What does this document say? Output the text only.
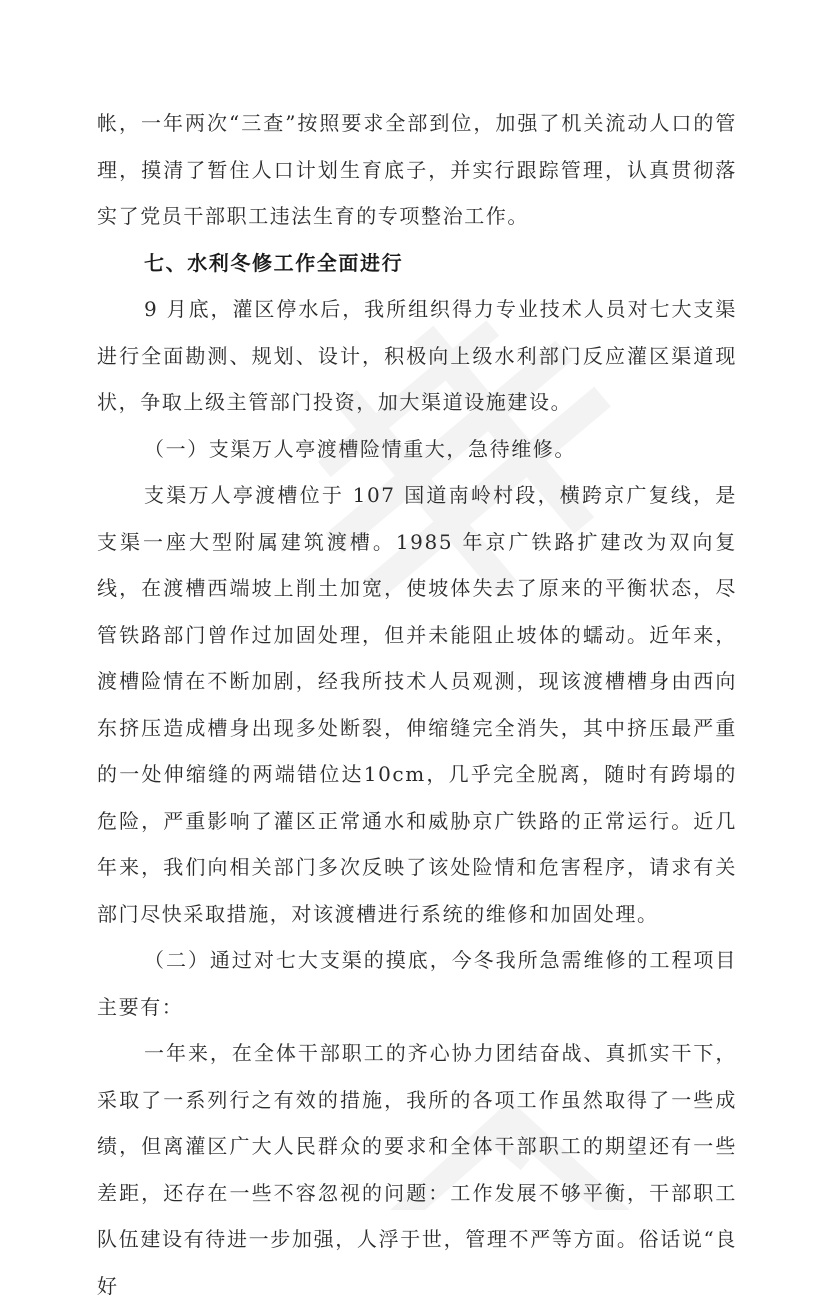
帐，一年两次“三查”按照要求全部到位，加强了机关流动人口的管理，摸清了暂住人口计划生育底子，并实行跟踪管理，认真贯彻落实了党员干部职工违法生育的专项整治工作。

七、水利冬修工作全面进行

9 月底，灌区停水后，我所组织得力专业技术人员对七大支渠进行全面勘测、规划、设计，积极向上级水利部门反应灌区渠道现状，争取上级主管部门投资，加大渠道设施建设。

（一）支渠万人亭渡槽险情重大，急待维修。

支渠万人亭渡槽位于 107 国道南岭村段，横跨京广复线，是支渠一座大型附属建筑渡槽。1985 年京广铁路扩建改为双向复线，在渡槽西端坡上削土加宽，使坡体失去了原来的平衡状态，尽管铁路部门曾作过加固处理，但并未能阻止坡体的蠕动。近年来，渡槽险情在不断加剧，经我所技术人员观测，现该渡槽槽身由西向东挤压造成槽身出现多处断裂，伸缩缝完全消失，其中挤压最严重的一处伸缩缝的两端错位达10cm，几乎完全脱离，随时有跨塌的危险，严重影响了灌区正常通水和威胁京广铁路的正常运行。近几年来，我们向相关部门多次反映了该处险情和危害程序，请求有关部门尽快采取措施，对该渡槽进行系统的维修和加固处理。

（二）通过对七大支渠的摸底，今冬我所急需维修的工程项目主要有：

一年来，在全体干部职工的齐心协力团结奋战、真抓实干下，采取了一系列行之有效的措施，我所的各项工作虽然取得了一些成绩，但离灌区广大人民群众的要求和全体干部职工的期望还有一些差距，还存在一些不容忽视的问题：工作发展不够平衡，干部职工队伍建设有待进一步加强，人浮于世，管理不严等方面。俗话说“良好
